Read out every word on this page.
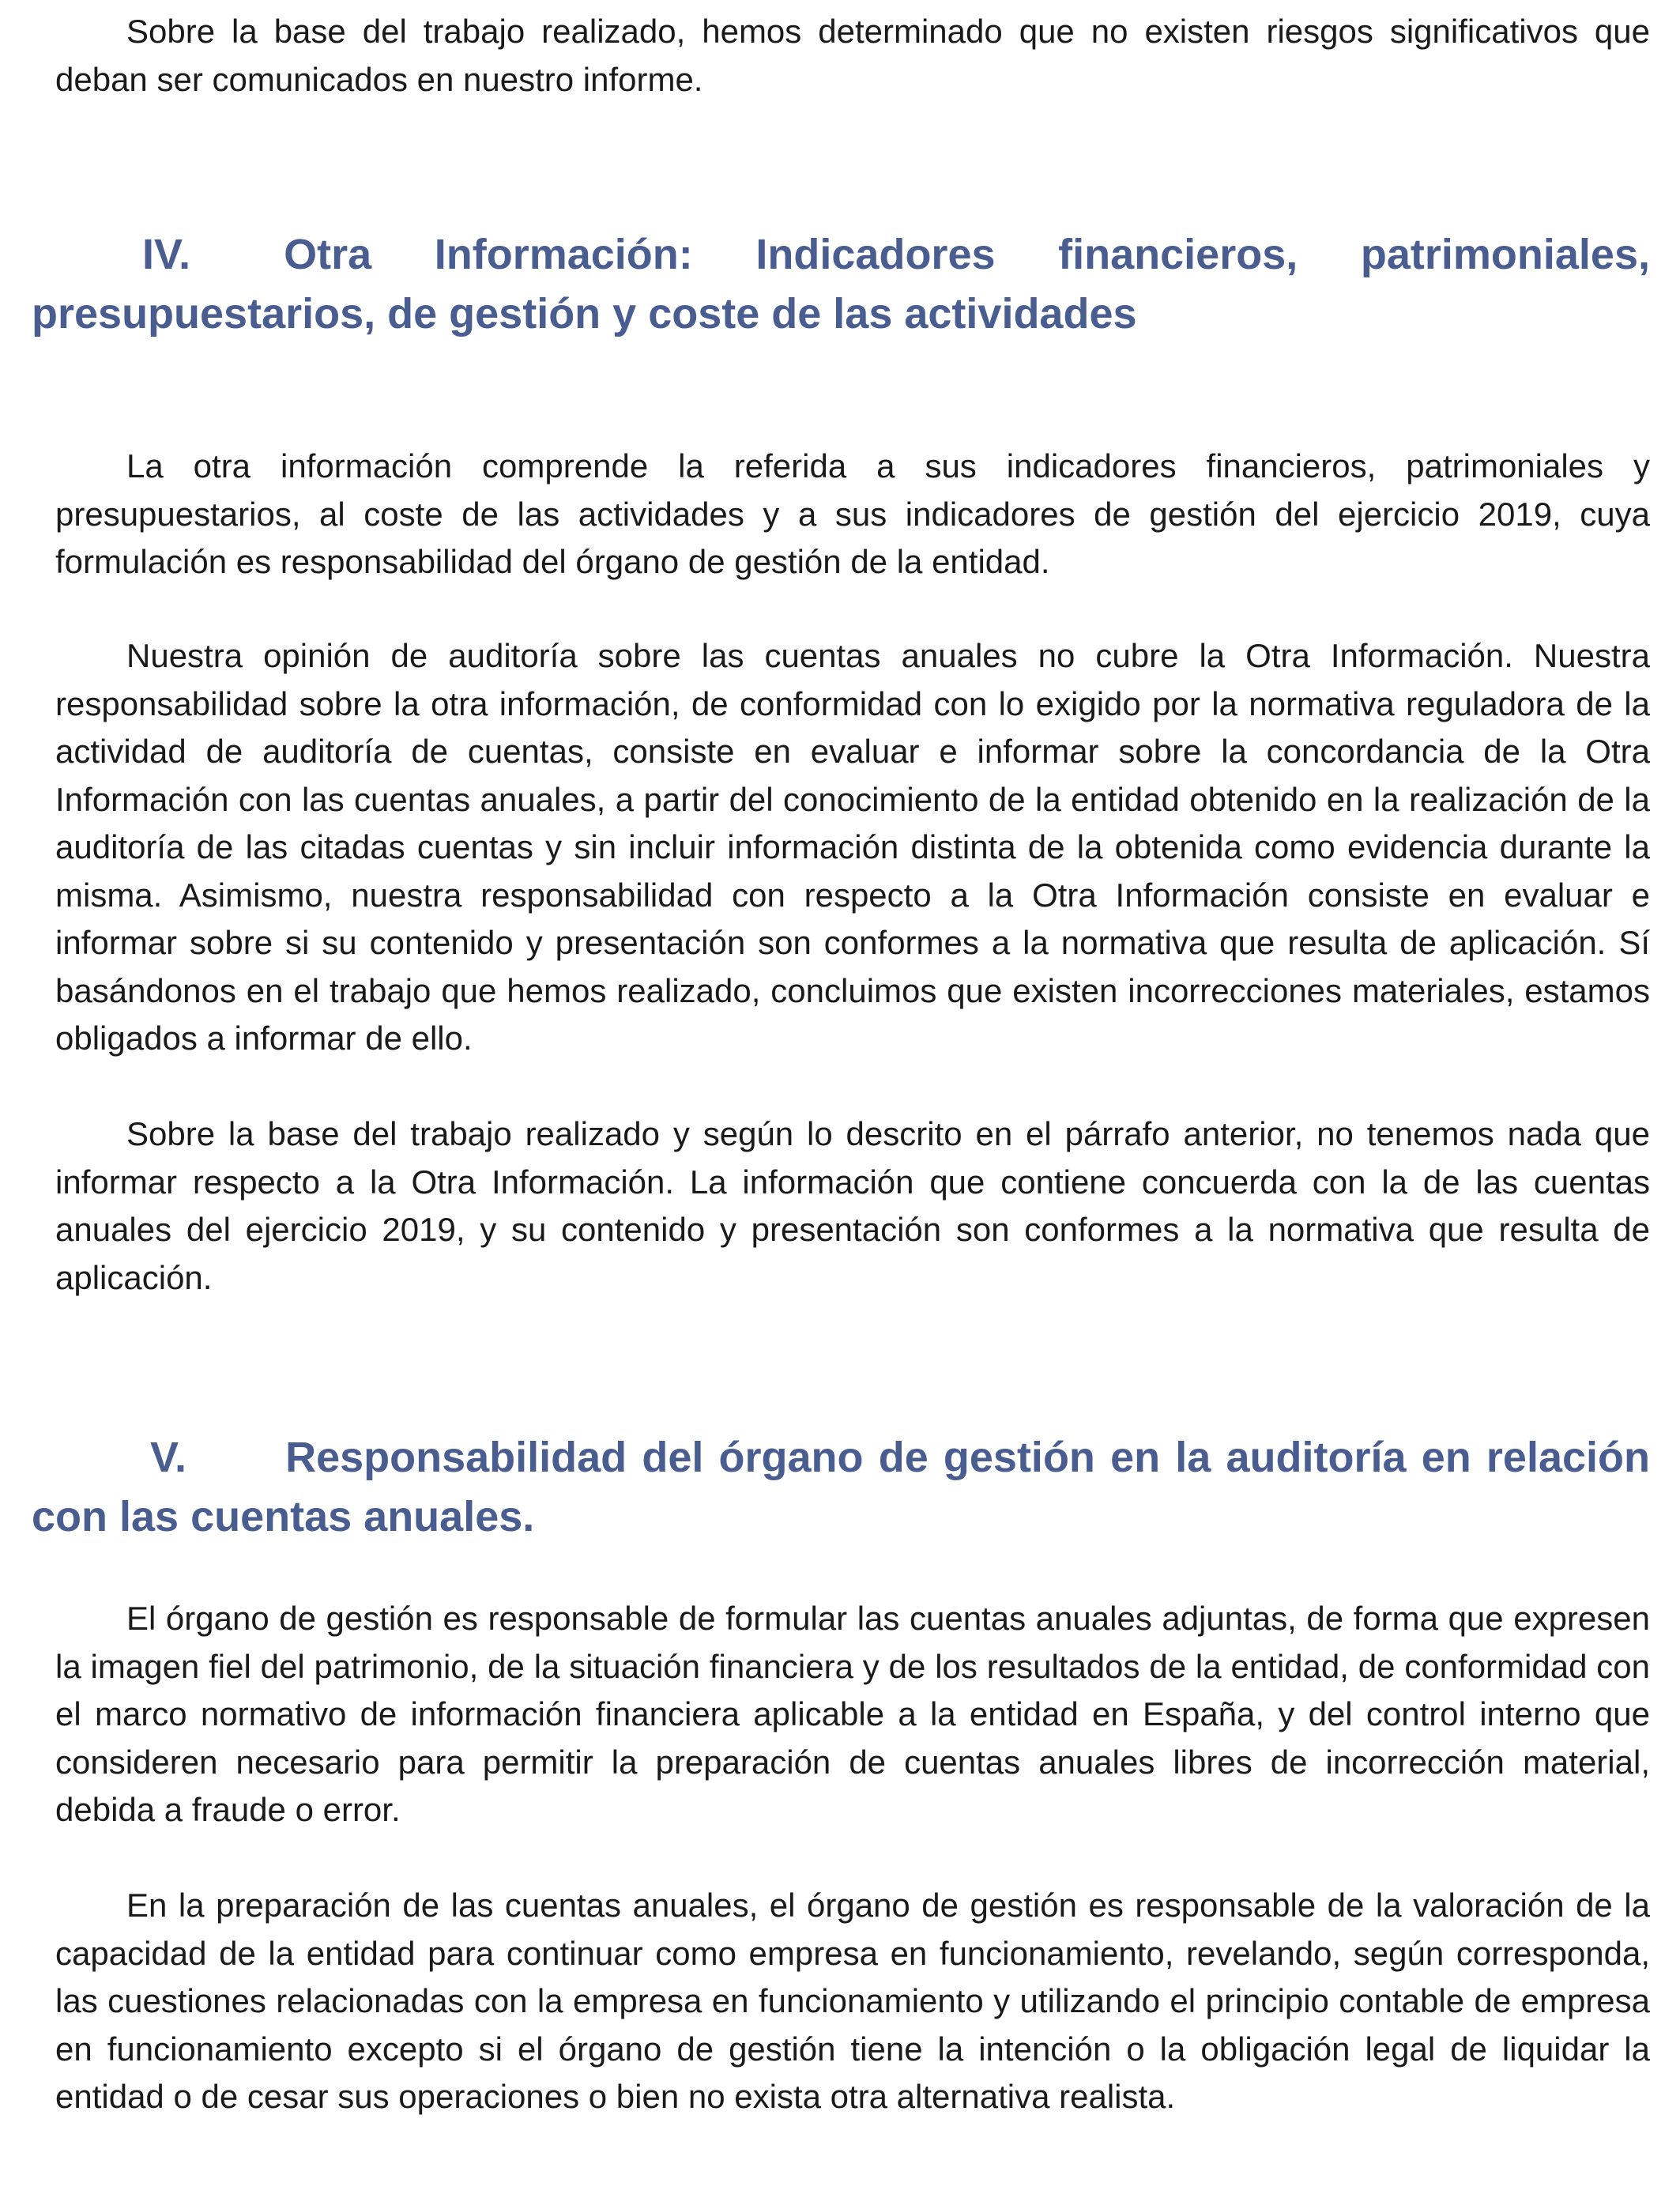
Sobre la base del trabajo realizado, hemos determinado que no existen riesgos significativos que deban ser comunicados en nuestro informe.

IV. Otra Información: Indicadores financieros, patrimoniales, presupuestarios, de gestión y coste de las actividades

La otra información comprende la referida a sus indicadores financieros, patrimoniales y presupuestarios, al coste de las actividades y a sus indicadores de gestión del ejercicio 2019, cuya formulación es responsabilidad del órgano de gestión de la entidad.

Nuestra opinión de auditoría sobre las cuentas anuales no cubre la Otra Información. Nuestra responsabilidad sobre la otra información, de conformidad con lo exigido por la normativa reguladora de la actividad de auditoría de cuentas, consiste en evaluar e informar sobre la concordancia de la Otra Información con las cuentas anuales, a partir del conocimiento de la entidad obtenido en la realización de la auditoría de las citadas cuentas y sin incluir información distinta de la obtenida como evidencia durante la misma. Asimismo, nuestra responsabilidad con respecto a la Otra Información consiste en evaluar e informar sobre si su contenido y presentación son conformes a la normativa que resulta de aplicación. Sí basándonos en el trabajo que hemos realizado, concluimos que existen incorrecciones materiales, estamos obligados a informar de ello.

Sobre la base del trabajo realizado y según lo descrito en el párrafo anterior, no tenemos nada que informar respecto a la Otra Información. La información que contiene concuerda con la de las cuentas anuales del ejercicio 2019, y su contenido y presentación son conformes a la normativa que resulta de aplicación.

V. Responsabilidad del órgano de gestión en la auditoría en relación con las cuentas anuales.

El órgano de gestión es responsable de formular las cuentas anuales adjuntas, de forma que expresen la imagen fiel del patrimonio, de la situación financiera y de los resultados de la entidad, de conformidad con el marco normativo de información financiera aplicable a la entidad en España, y del control interno que consideren necesario para permitir la preparación de cuentas anuales libres de incorrección material, debida a fraude o error.

En la preparación de las cuentas anuales, el órgano de gestión es responsable de la valoración de la capacidad de la entidad para continuar como empresa en funcionamiento, revelando, según corresponda, las cuestiones relacionadas con la empresa en funcionamiento y utilizando el principio contable de empresa en funcionamiento excepto si el órgano de gestión tiene la intención o la obligación legal de liquidar la entidad o de cesar sus operaciones o bien no exista otra alternativa realista.
